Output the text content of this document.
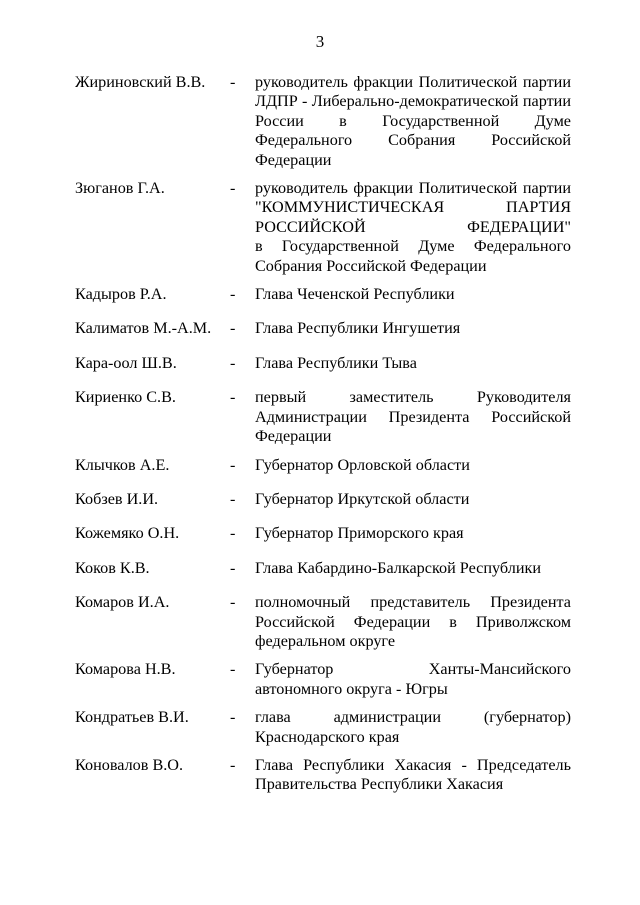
3
Жириновский В.В.	-	руководитель фракции Политической партии
ЛДПР - Либерально-демократической партии
России в Государственной Думе
Федерального Собрания Российской
Федерации
Зюганов Г.А.	-	руководитель фракции Политической партии
"КОММУНИСТИЧЕСКАЯ ПАРТИЯ
РОССИЙСКОЙ ФЕДЕРАЦИИ"
в Государственной Думе Федерального
Собрания Российской Федерации
Кадыров Р.А.	-	Глава Чеченской Республики
Калиматов М.-А.М.	-	Глава Республики Ингушетия
Кара-оол Ш.В.	-	Глава Республики Тыва
Кириенко С.В.	-	первый заместитель Руководителя
Администрации Президента Российской
Федерации
Клычков А.Е.	-	Губернатор Орловской области
Кобзев И.И.	-	Губернатор Иркутской области
Кожемяко О.Н.	-	Губернатор Приморского края
Коков К.В.	-	Глава Кабардино-Балкарской Республики
Комаров И.А.	-	полномочный представитель Президента
Российской Федерации в Приволжском
федеральном округе
Комарова Н.В.	-	Губернатор Ханты-Мансийского
автономного округа - Югры
Кондратьев В.И.	-	глава администрации (губернатор)
Краснодарского края
Коновалов В.О.	-	Глава Республики Хакасия - Председатель
Правительства Республики Хакасия
